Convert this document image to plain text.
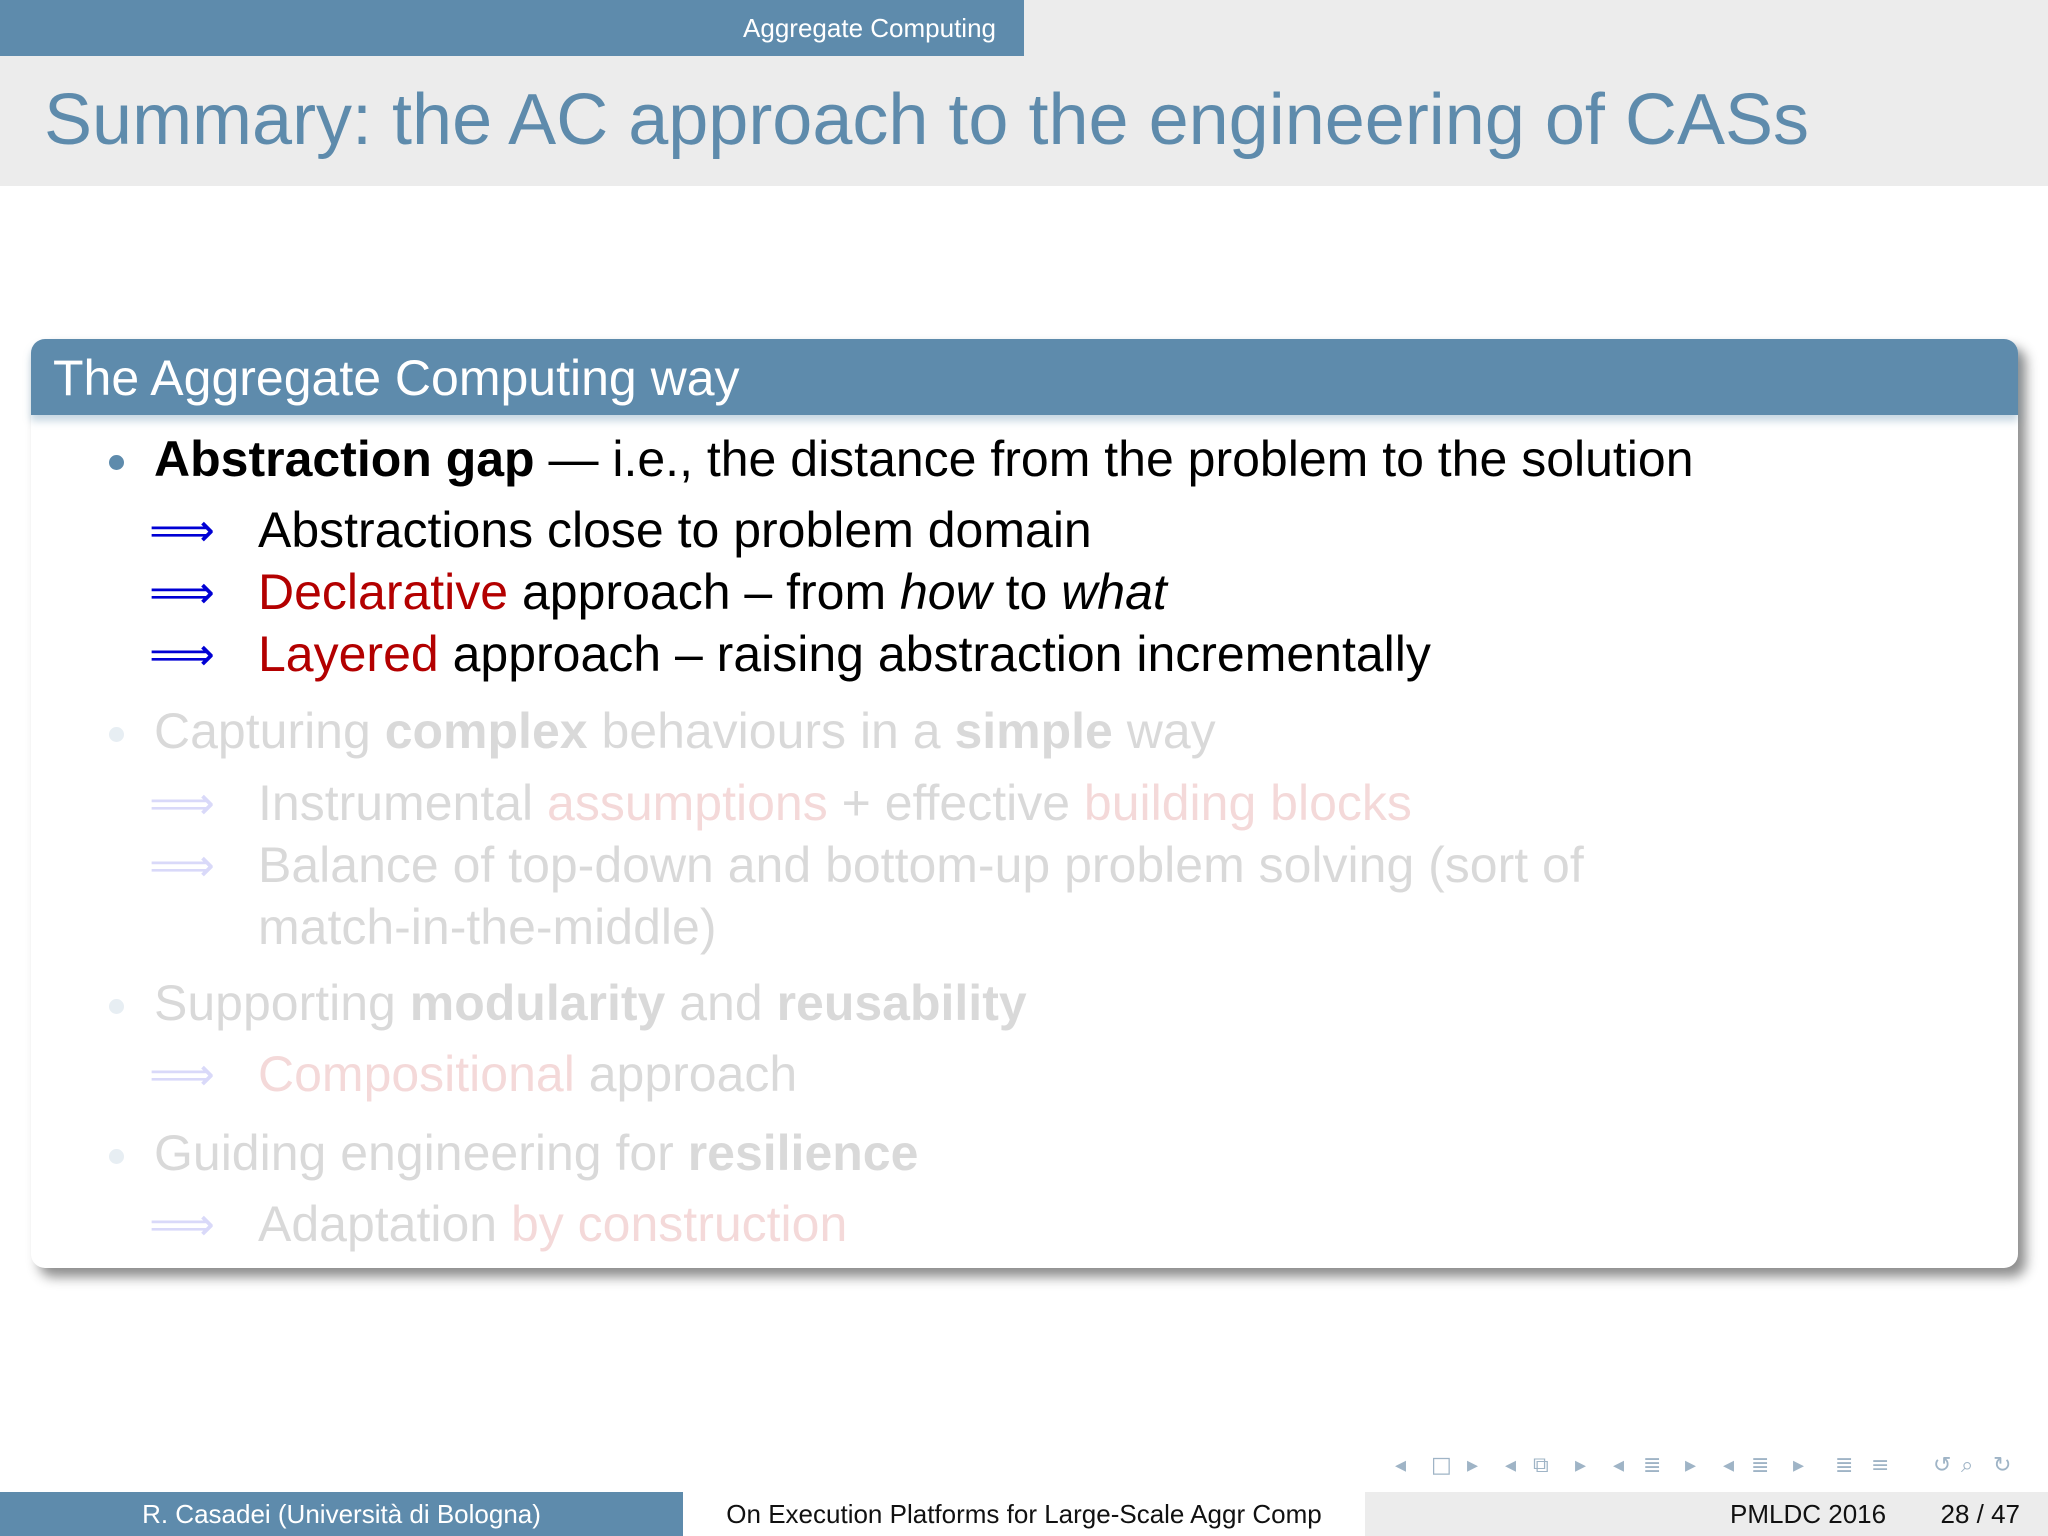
Aggregate Computing
Summary: the AC approach to the engineering of CASs
The Aggregate Computing way
Abstraction gap — i.e., the distance from the problem to the solution
⟹ Abstractions close to problem domain
⟹ Declarative approach – from how to what
⟹ Layered approach – raising abstraction incrementally
Capturing complex behaviours in a simple way
⟹ Instrumental assumptions + effective building blocks
⟹ Balance of top-down and bottom-up problem solving (sort of
match-in-the-middle)
Supporting modularity and reusability
⟹ Compositional approach
Guiding engineering for resilience
⟹ Adaptation by construction
◂ □ ▸ ◂ ⧉ ▸ ◂ ≣ ▸ ◂ ≣ ▸ ≣ ≡ ↺ ⌕ ↻
R. Casadei (Università di Bologna)	On Execution Platforms for Large-Scale Aggr Comp	PMLDC 2016 28 / 47
